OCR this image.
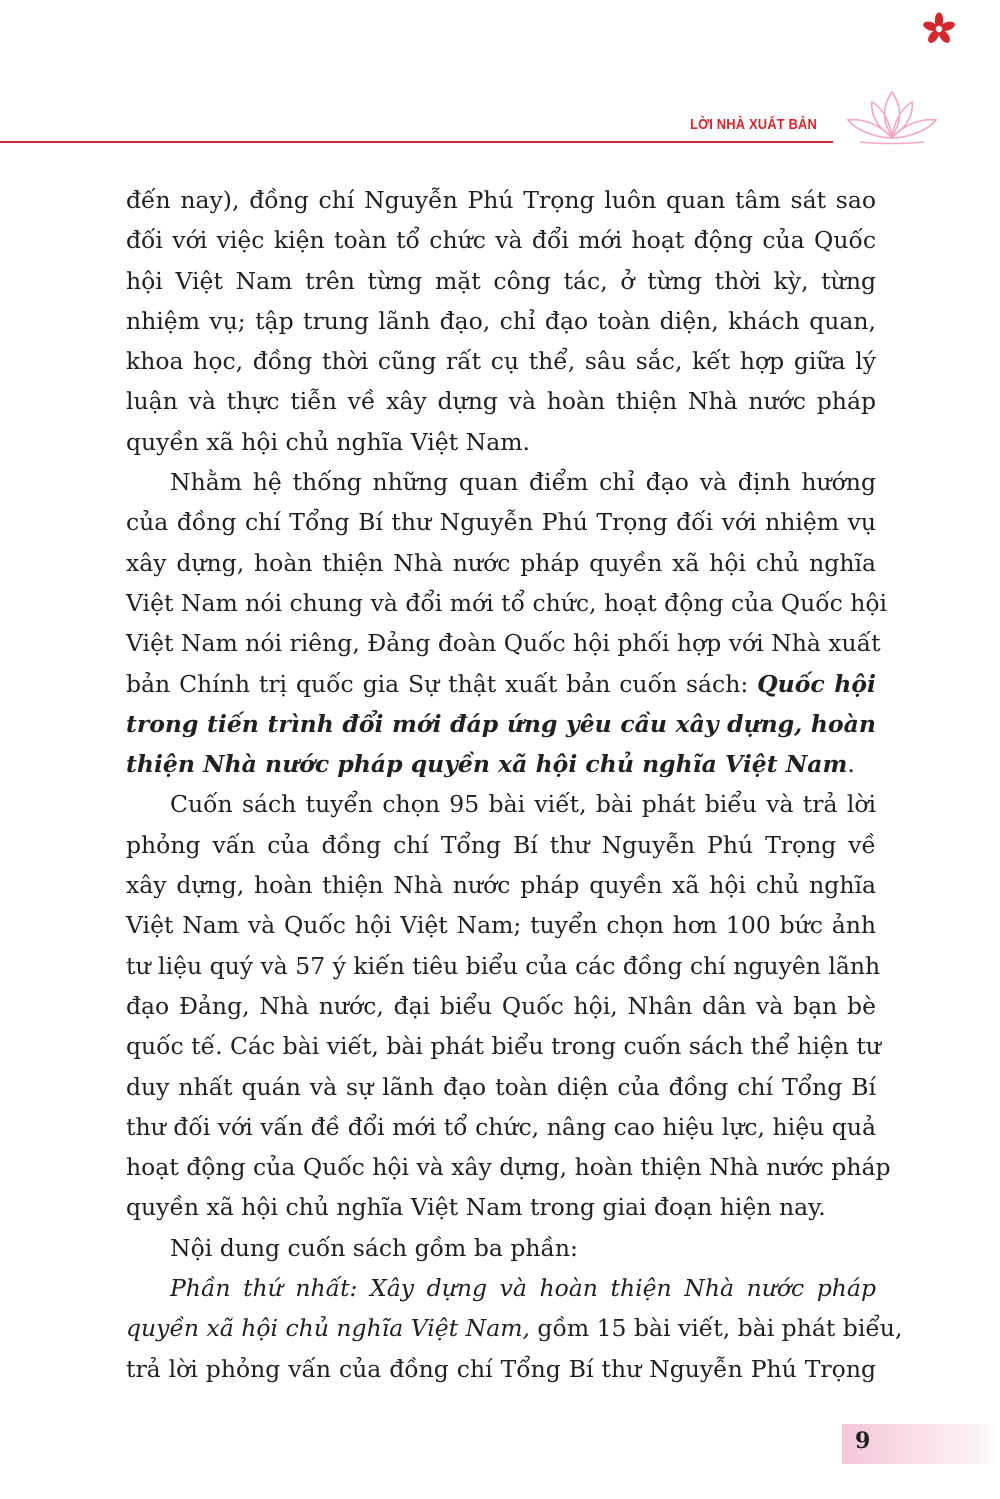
LỜI NHÀ XUẤT BẢN
đến nay), đồng chí Nguyễn Phú Trọng luôn quan tâm sát sao
đối với việc kiện toàn tổ chức và đổi mới hoạt động của Quốc
hội Việt Nam trên từng mặt công tác, ở từng thời kỳ, từng
nhiệm vụ; tập trung lãnh đạo, chỉ đạo toàn diện, khách quan,
khoa học, đồng thời cũng rất cụ thể, sâu sắc, kết hợp giữa lý
luận và thực tiễn về xây dựng và hoàn thiện Nhà nước pháp
quyền xã hội chủ nghĩa Việt Nam.
Nhằm hệ thống những quan điểm chỉ đạo và định hướng
của đồng chí Tổng Bí thư Nguyễn Phú Trọng đối với nhiệm vụ
xây dựng, hoàn thiện Nhà nước pháp quyền xã hội chủ nghĩa
Việt Nam nói chung và đổi mới tổ chức, hoạt động của Quốc hội
Việt Nam nói riêng, Đảng đoàn Quốc hội phối hợp với Nhà xuất
bản Chính trị quốc gia Sự thật xuất bản cuốn sách: Quốc hội
trong tiến trình đổi mới đáp ứng yêu cầu xây dựng, hoàn
thiện Nhà nước pháp quyền xã hội chủ nghĩa Việt Nam.
Cuốn sách tuyển chọn 95 bài viết, bài phát biểu và trả lời
phỏng vấn của đồng chí Tổng Bí thư Nguyễn Phú Trọng về
xây dựng, hoàn thiện Nhà nước pháp quyền xã hội chủ nghĩa
Việt Nam và Quốc hội Việt Nam; tuyển chọn hơn 100 bức ảnh
tư liệu quý và 57 ý kiến tiêu biểu của các đồng chí nguyên lãnh
đạo Đảng, Nhà nước, đại biểu Quốc hội, Nhân dân và bạn bè
quốc tế. Các bài viết, bài phát biểu trong cuốn sách thể hiện tư
duy nhất quán và sự lãnh đạo toàn diện của đồng chí Tổng Bí
thư đối với vấn đề đổi mới tổ chức, nâng cao hiệu lực, hiệu quả
hoạt động của Quốc hội và xây dựng, hoàn thiện Nhà nước pháp
quyền xã hội chủ nghĩa Việt Nam trong giai đoạn hiện nay.
Nội dung cuốn sách gồm ba phần:
Phần thứ nhất: Xây dựng và hoàn thiện Nhà nước pháp
quyền xã hội chủ nghĩa Việt Nam, gồm 15 bài viết, bài phát biểu,
trả lời phỏng vấn của đồng chí Tổng Bí thư Nguyễn Phú Trọng
9
